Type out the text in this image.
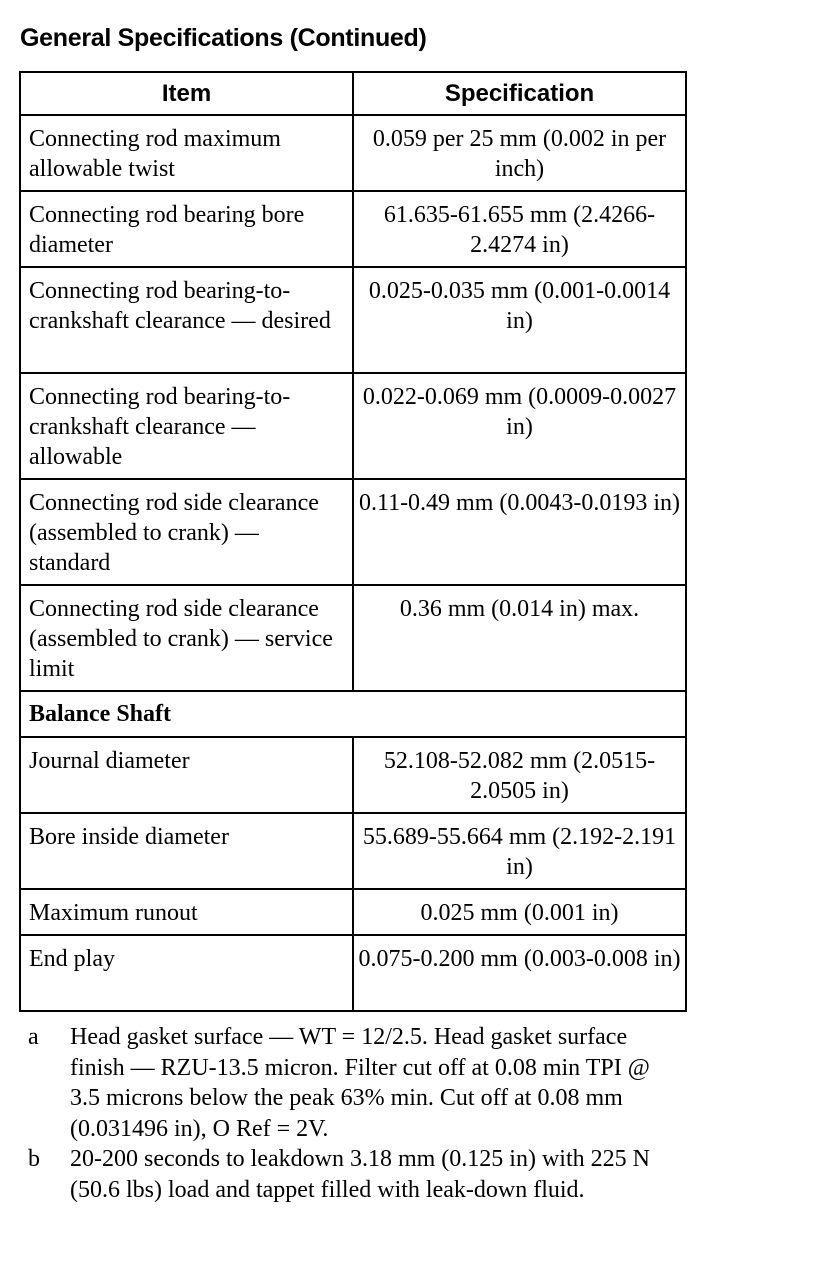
General Specifications (Continued)
Item	Specification
Connecting rod maximum allowable twist	0.059 per 25 mm (0.002 in per inch)
Connecting rod bearing bore diameter	61.635-61.655 mm (2.4266-2.4274 in)
Connecting rod bearing-to-crankshaft clearance — desired	0.025-0.035 mm (0.001-0.0014 in)
Connecting rod bearing-to-crankshaft clearance — allowable	0.022-0.069 mm (0.0009-0.0027 in)
Connecting rod side clearance (assembled to crank) — standard	0.11-0.49 mm (0.0043-0.0193 in)
Connecting rod side clearance (assembled to crank) — service limit	0.36 mm (0.014 in) max.
Balance Shaft	
Journal diameter	52.108-52.082 mm (2.0515-2.0505 in)
Bore inside diameter	55.689-55.664 mm (2.192-2.191 in)
Maximum runout	0.025 mm (0.001 in)
End play	0.075-0.200 mm (0.003-0.008 in)
a	Head gasket surface — WT = 12/2.5. Head gasket surface finish — RZU-13.5 micron. Filter cut off at 0.08 min TPI @ 3.5 microns below the peak 63% min. Cut off at 0.08 mm (0.031496 in), O Ref = 2V.
b	20-200 seconds to leakdown 3.18 mm (0.125 in) with 225 N (50.6 lbs) load and tappet filled with leak-down fluid.
